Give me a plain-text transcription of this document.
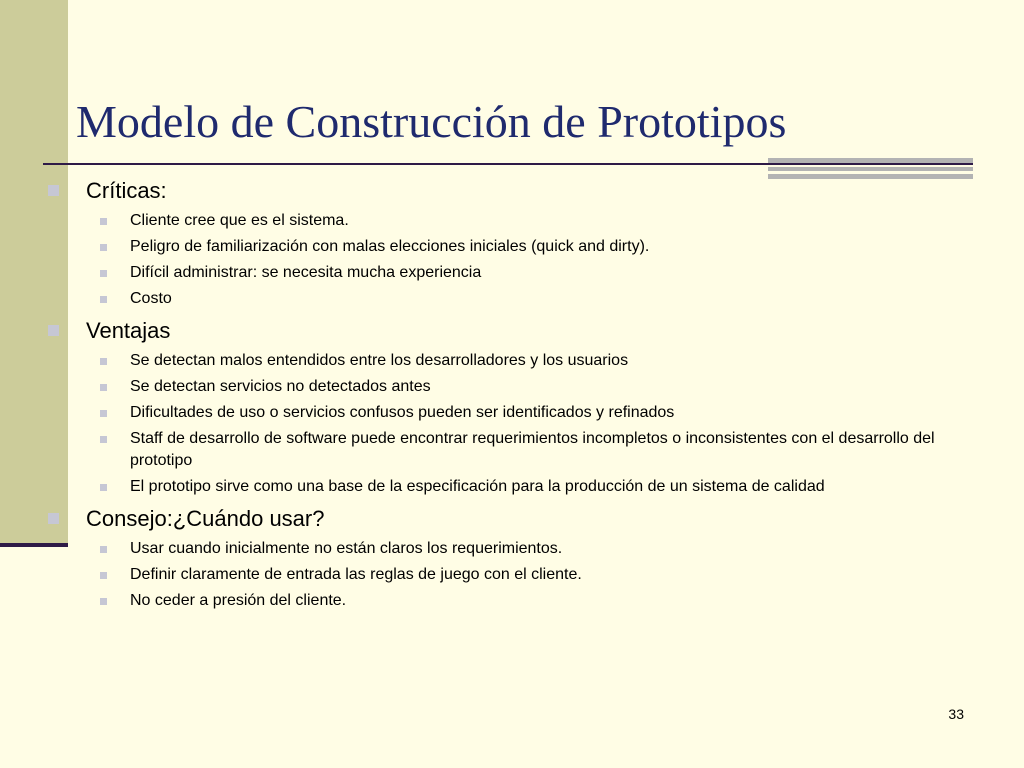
Modelo de Construcción de Prototipos
Críticas:
Cliente cree que es el sistema.
Peligro de familiarización con malas elecciones iniciales (quick and dirty).
Difícil administrar: se necesita mucha experiencia
Costo
Ventajas
Se detectan malos entendidos entre los desarrolladores y los usuarios
Se detectan servicios no detectados antes
Dificultades de uso o servicios confusos pueden ser identificados y refinados
Staff de desarrollo de software puede encontrar requerimientos incompletos o inconsistentes con el desarrollo del prototipo
El prototipo sirve como una base de la especificación para la producción de un sistema de calidad
Consejo:¿Cuándo usar?
Usar cuando inicialmente no están claros los requerimientos.
Definir claramente de entrada las reglas de juego con el cliente.
No ceder a presión del cliente.
33
